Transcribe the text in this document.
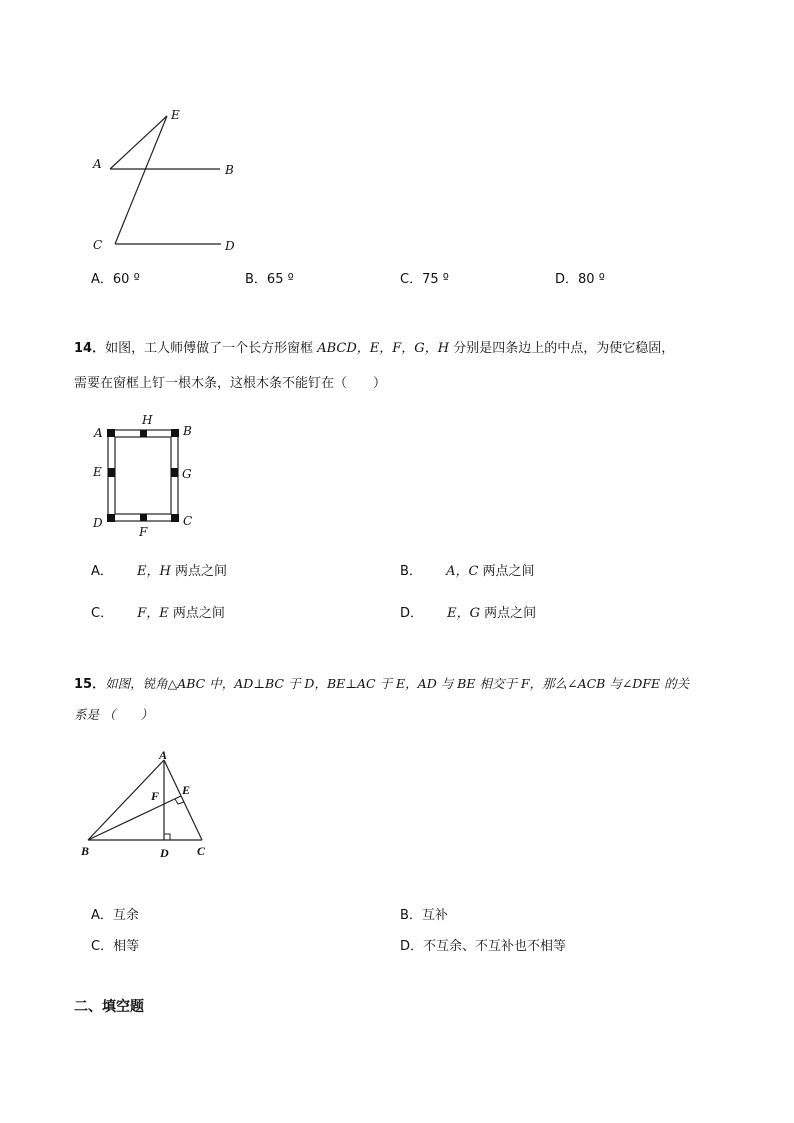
A	B
C	D
E
A．60 º	B．65 º	C．75 º	D．80 º
14．如图，工人师傅做了一个长方形窗框 ABCD，E，F，G，H 分别是四条边上的中点，为使它稳固，
需要在窗框上钉一根木条，这根木条不能钉在（　　）
A	B
C
D
E
F
G
H
A． E，H 两点之间	B． A，C 两点之间
C． F，E 两点之间	D． E，G 两点之间
15．如图，锐角△ABC 中，AD⊥BC 于 D，BE⊥AC 于 E，AD 与 BE 相交于 F，那么∠ACB 与∠DFE 的关
系是 （　　）
A
B	C
D
E
F
A．互余	B．互补
C．相等	D．不互余、不互补也不相等
二、填空题
